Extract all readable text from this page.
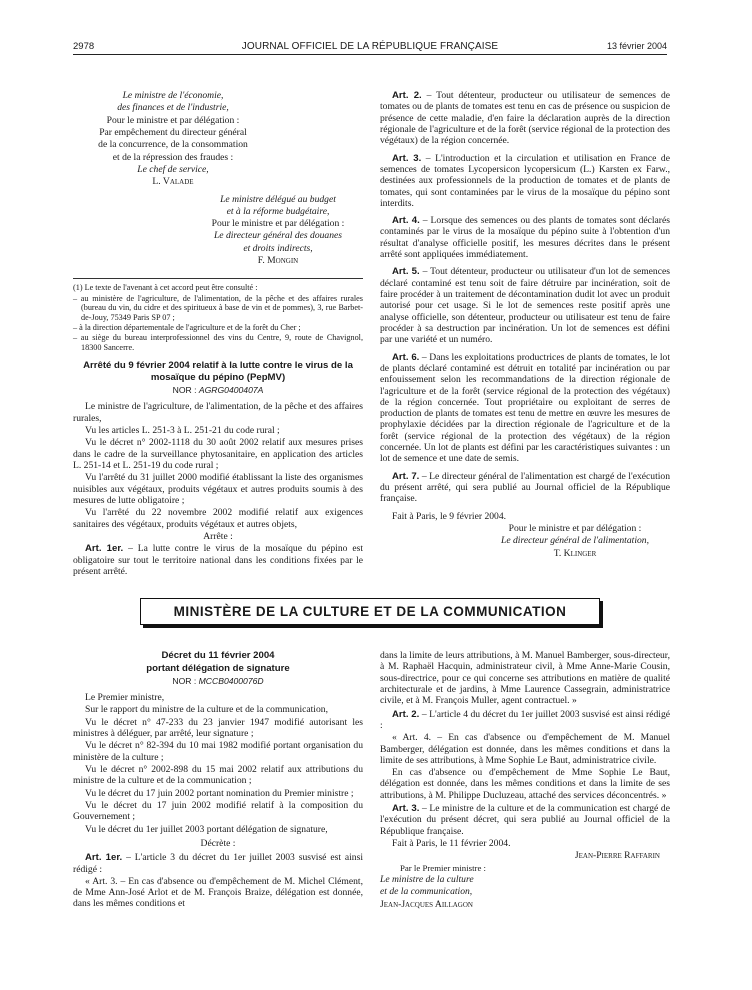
2978	JOURNAL OFFICIEL DE LA RÉPUBLIQUE FRANÇAISE	13 février 2004

Le ministre de l'économie,

des finances et de l'industrie,

Pour le ministre et par délégation :

Par empêchement du directeur général

de la concurrence, de la consommation

et de la répression des fraudes :

Le chef de service,

L. Valade

Le ministre délégué au budget

et à la réforme budgétaire,

Pour le ministre et par délégation :

Le directeur général des douanes

et droits indirects,

F. Mongin

(1) Le texte de l'avenant à cet accord peut être consulté :

– au ministère de l'agriculture, de l'alimentation, de la pêche et des affaires rurales (bureau du vin, du cidre et des spiritueux à base de vin et de pommes), 3, rue Barbet-de-Jouy, 75349 Paris SP 07 ;

– à la direction départementale de l'agriculture et de la forêt du Cher ;

– au siège du bureau interprofessionnel des vins du Centre, 9, route de Chavignol, 18300 Sancerre.

Arrêté du 9 février 2004 relatif à la lutte contre le virus de la mosaïque du pépino (PepMV)

NOR : AGRG0400407A

Le ministre de l'agriculture, de l'alimentation, de la pêche et des affaires rurales,

Vu les articles L. 251-3 à L. 251-21 du code rural ;

Vu le décret n° 2002-1118 du 30 août 2002 relatif aux mesures prises dans le cadre de la surveillance phytosanitaire, en application des articles L. 251-14 et L. 251-19 du code rural ;

Vu l'arrêté du 31 juillet 2000 modifié établissant la liste des organismes nuisibles aux végétaux, produits végétaux et autres produits soumis à des mesures de lutte obligatoire ;

Vu l'arrêté du 22 novembre 2002 modifié relatif aux exigences sanitaires des végétaux, produits végétaux et autres objets,

Arrête :

Art. 1er. – La lutte contre le virus de la mosaïque du pépino est obligatoire sur tout le territoire national dans les conditions fixées par le présent arrêté.

Art. 2. – Tout détenteur, producteur ou utilisateur de semences de tomates ou de plants de tomates est tenu en cas de présence ou suspicion de présence de cette maladie, d'en faire la déclaration auprès de la direction régionale de l'agriculture et de la forêt (service régional de la protection des végétaux) de la région concernée.

Art. 3. – L'introduction et la circulation et utilisation en France de semences de tomates Lycopersicon lycopersicum (L.) Karsten ex Farw., destinées aux professionnels de la production de tomates et de plants de tomates, qui sont contaminées par le virus de la mosaïque du pépino sont interdits.

Art. 4. – Lorsque des semences ou des plants de tomates sont déclarés contaminés par le virus de la mosaïque du pépino suite à l'obtention d'un résultat d'analyse officielle positif, les mesures décrites dans le présent arrêté sont appliquées immédiatement.

Art. 5. – Tout détenteur, producteur ou utilisateur d'un lot de semences déclaré contaminé est tenu soit de faire détruire par incinération, soit de faire procéder à un traitement de décontamination dudit lot avec un produit autorisé pour cet usage. Si le lot de semences reste positif après une analyse officielle, son détenteur, producteur ou utilisateur est tenu de faire procéder à sa destruction par incinération. Un lot de semences est défini par une variété et un numéro.

Art. 6. – Dans les exploitations productrices de plants de tomates, le lot de plants déclaré contaminé est détruit en totalité par incinération ou par enfouissement selon les recommandations de la direction régionale de l'agriculture et de la forêt (service régional de la protection des végétaux) de la région concernée. Tout propriétaire ou exploitant de serres de production de plants de tomates est tenu de mettre en œuvre les mesures de prophylaxie décidées par la direction régionale de l'agriculture et de la forêt (service régional de la protection des végétaux) de la région concernée. Un lot de plants est défini par les caractéristiques suivantes : un lot de semence et une date de semis.

Art. 7. – Le directeur général de l'alimentation est chargé de l'exécution du présent arrêté, qui sera publié au Journal officiel de la République française.

Fait à Paris, le 9 février 2004.

Pour le ministre et par délégation :

Le directeur général de l'alimentation,

T. Klinger

MINISTÈRE DE LA CULTURE ET DE LA COMMUNICATION

Décret du 11 février 2004

portant délégation de signature

NOR : MCCB0400076D

Le Premier ministre,

Sur le rapport du ministre de la culture et de la communication,

Vu le décret n° 47-233 du 23 janvier 1947 modifié autorisant les ministres à déléguer, par arrêté, leur signature ;

Vu le décret n° 82-394 du 10 mai 1982 modifié portant organisation du ministère de la culture ;

Vu le décret n° 2002-898 du 15 mai 2002 relatif aux attributions du ministre de la culture et de la communication ;

Vu le décret du 17 juin 2002 portant nomination du Premier ministre ;

Vu le décret du 17 juin 2002 modifié relatif à la composition du Gouvernement ;

Vu le décret du 1er juillet 2003 portant délégation de signature,

Décrète :

Art. 1er. – L'article 3 du décret du 1er juillet 2003 susvisé est ainsi rédigé :

« Art. 3. – En cas d'absence ou d'empêchement de M. Michel Clément, de Mme Ann-José Arlot et de M. François Braize, délégation est donnée, dans les mêmes conditions et

dans la limite de leurs attributions, à M. Manuel Bamberger, sous-directeur, à M. Raphaël Hacquin, administrateur civil, à Mme Anne-Marie Cousin, sous-directrice, pour ce qui concerne ses attributions en matière de qualité architecturale et de jardins, à Mme Laurence Cassegrain, administratrice civile, et à M. François Muller, agent contractuel. »

Art. 2. – L'article 4 du décret du 1er juillet 2003 susvisé est ainsi rédigé :

« Art. 4. – En cas d'absence ou d'empêchement de M. Manuel Bamberger, délégation est donnée, dans les mêmes conditions et dans la limite de ses attributions, à Mme Sophie Le Baut, administratrice civile.

En cas d'absence ou d'empêchement de Mme Sophie Le Baut, délégation est donnée, dans les mêmes conditions et dans la limite de ses attributions, à M. Philippe Ducluzeau, attaché des services déconcentrés. »

Art. 3. – Le ministre de la culture et de la communication est chargé de l'exécution du présent décret, qui sera publié au Journal officiel de la République française.

Fait à Paris, le 11 février 2004.

Jean-Pierre Raffarin

Par le Premier ministre :

Le ministre de la culture

et de la communication,

Jean-Jacques Aillagon
